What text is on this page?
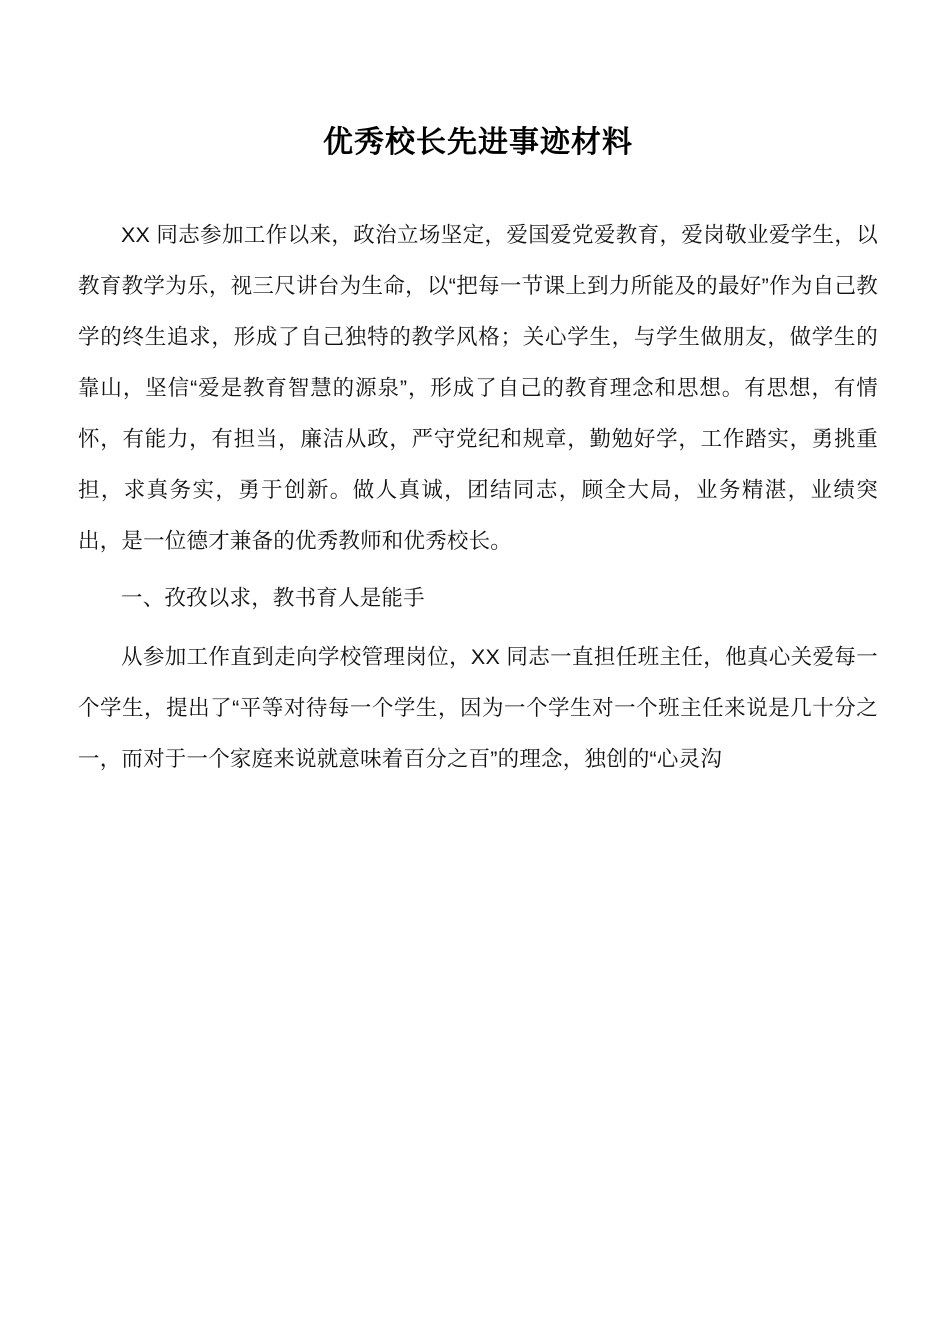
优秀校长先进事迹材料

XX 同志参加工作以来，政治立场坚定，爱国爱党爱教育，爱岗敬业爱学生，以教育教学为乐，视三尺讲台为生命，以“把每一节课上到力所能及的最好”作为自己教学的终生追求，形成了自己独特的教学风格；关心学生，与学生做朋友，做学生的靠山，坚信“爱是教育智慧的源泉”，形成了自己的教育理念和思想。有思想，有情怀，有能力，有担当，廉洁从政，严守党纪和规章，勤勉好学，工作踏实，勇挑重担，求真务实，勇于创新。做人真诚，团结同志，顾全大局，业务精湛，业绩突出，是一位德才兼备的优秀教师和优秀校长。

一、孜孜以求，教书育人是能手

从参加工作直到走向学校管理岗位，XX 同志一直担任班主任，他真心关爱每一个学生，提出了“平等对待每一个学生，因为一个学生对一个班主任来说是几十分之一，而对于一个家庭来说就意味着百分之百”的理念，独创的“心灵沟
